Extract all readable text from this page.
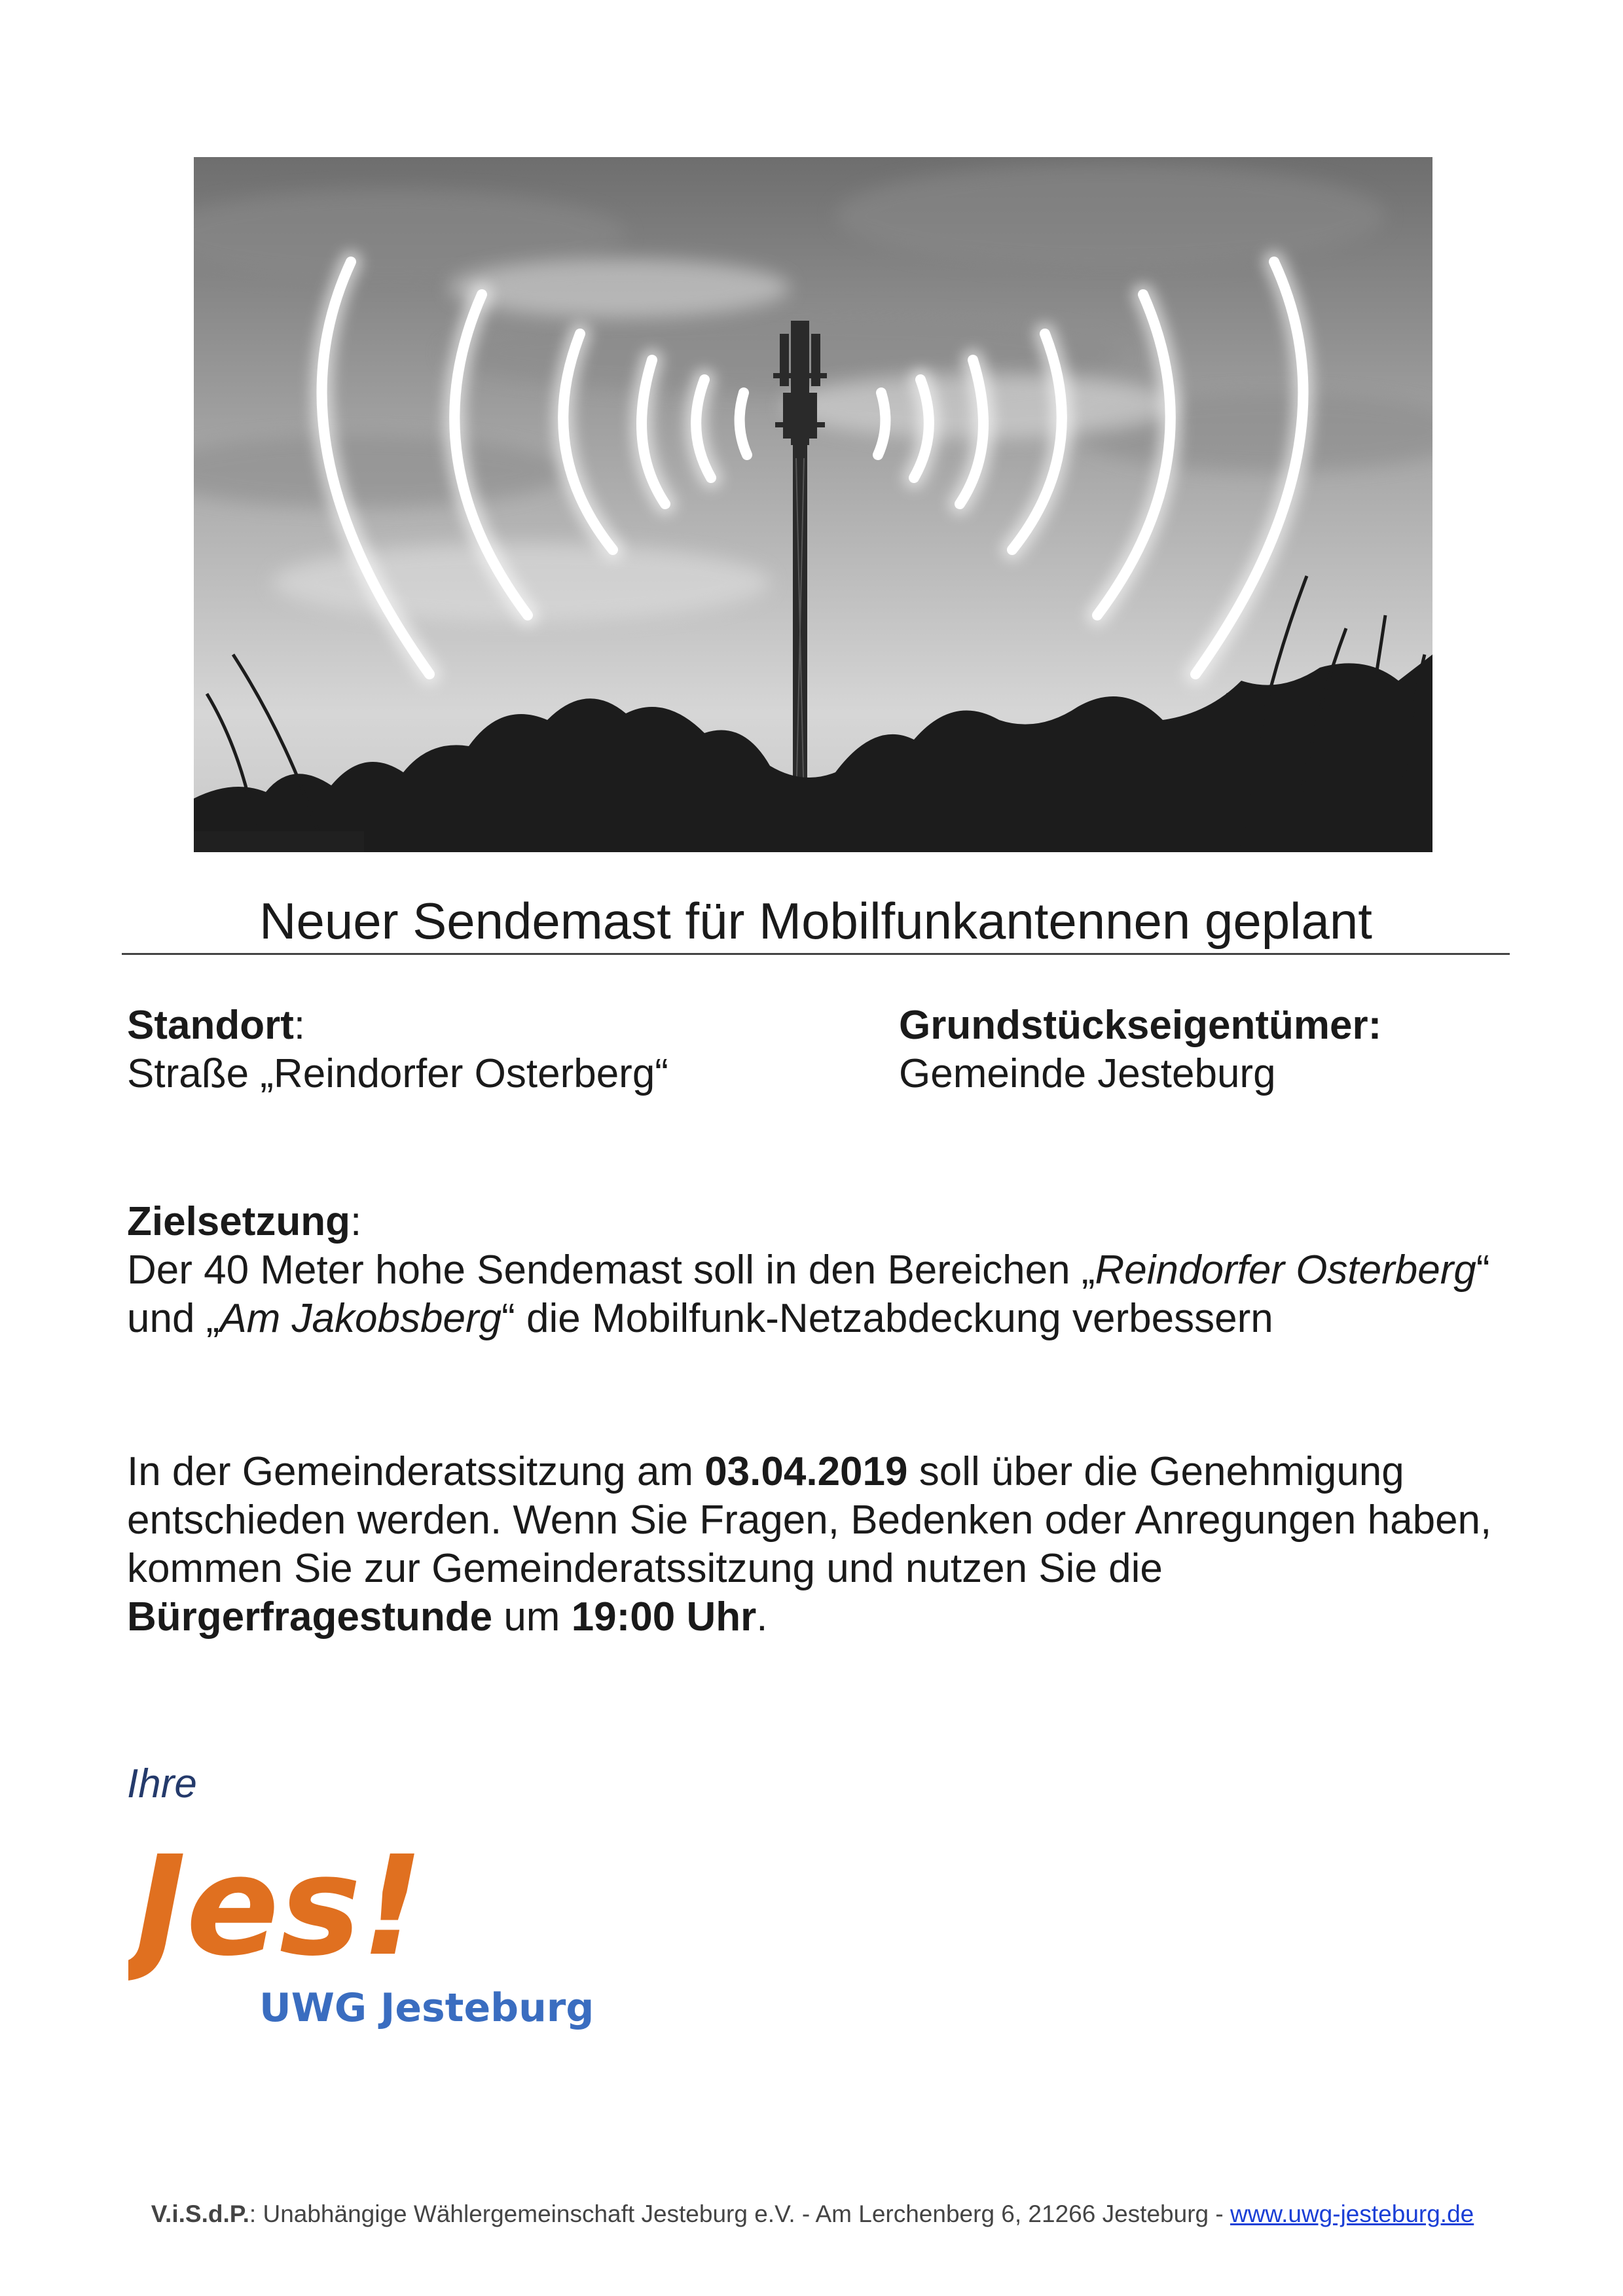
Neuer Sendemast für Mobilfunkantennen geplant
Standort:
Straße „Reindorfer Osterberg“
Grundstückseigentümer:
Gemeinde Jesteburg
Zielsetzung:
Der 40 Meter hohe Sendemast soll in den Bereichen „Reindorfer Osterberg“ und „Am Jakobsberg“ die Mobilfunk-Netzabdeckung verbessern
In der Gemeinderatssitzung am 03.04.2019 soll über die Genehmigung entschieden werden. Wenn Sie Fragen, Bedenken oder Anregungen haben, kommen Sie zur Gemeinderatssitzung und nutzen Sie die Bürgerfragestunde um 19:00 Uhr.
Ihre
Jes!
UWG Jesteburg
V.i.S.d.P.: Unabhängige Wählergemeinschaft Jesteburg e.V. - Am Lerchenberg 6, 21266 Jesteburg - www.uwg-jesteburg.de
